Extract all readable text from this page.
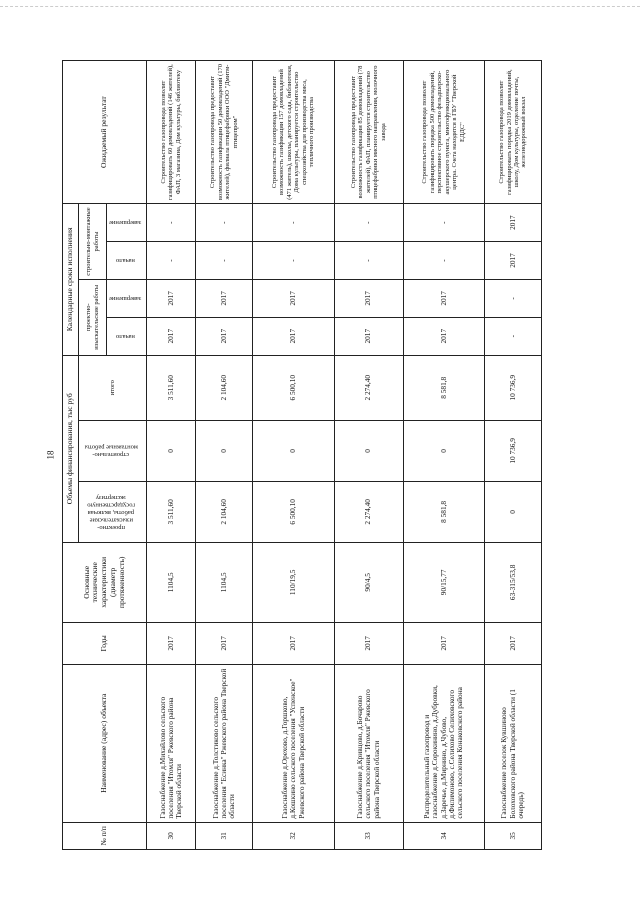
18
№ п/п	Наименование (адрес) объекта	Годы	Основные технические характеристики (диаметр протяженность)	Объемы финансирования, тыс руб			Календарные сроки исполнения				Ожидаемый результат
				проектно-изыскательские работы, включая государственную экспертизу	строительно-монтажные работы	итого	проектно-изыскательские работы		строительно-монтажные работы		
							начало	завершение	начало	завершение	
30	Газоснабжение д.Михайлово сельского поселения "Итомля" Ржевского района Тверской области	2017	1104,5	3 511,60	0	3 511,60	2017	2017	-	-	Строительство газопровода позволит газифицировать 60 домовладений (146 жителей), ФАП, 3 магазина, Дом культуры, библиотеку
31	Газоснабжение д.Толстиково сельского поселения "Есинка" Ржевского района Тверской области	2017	1104,5	2 104,60	0	2 104,60	2017	2017	-	-	Строительство газопровода предоставит возможность газификации 50 домовладений (170 жителей), филиала птицефабрики ООО "Дмитм-птицепром"
32	Газоснабжение д.Орехово, д.Горшково, д.Кошкино сельского поселения "Успенское" Ржевского района Тверской области	2017	110/19,5	6 500,10	0	6 500,10	2017	2017	-	-	Строительство газопровода предоставит возможность газификации 157 домовладений (471 житель), школы, детского сада, библиотеки, Дома культуры, планируется строительство спецхозяйства для производства мяса, тепличного производства
33	Газоснабжение д.Кривцово, д.Бочарово сельского поселения "Итомля" Ржевского района Тверской области	2017	90/4,5	2 274,40	0	2 274,40	2017	2017	-	-	Строительство газопровода предоставит возможность газификации 85 домовладений (78 жителей), ФАП, планируется строительство птицефабрики мясного направления, молочного завода
34	Распределительный газопровод и газоснабжение д.Сорокинино, д.Дубровки, д.Заречье, д.Мирнино, д.Чубово, д.Филимоново, с.Селихово Селиховского сельского поселения Конаковского района	2017	90/15,77	8 581,8	0	8 581,8	2017	2017	-	-	Строительство газопровода позволит газифицировать порядка 500 домовладений, перспективное строительство фельдшерско-акушерского пункта, многофункционального центра. Счета находятся в ГБУ "Тверской ЕДДС"
35	Газоснабжение поселок Кувшиново Болоховского района Тверской области (1 очередь)	2017	63-315/53,8	0	10 736,9	10 736,9	-	-	2017	2017	Строительство газопровода позволит газифицировать порядка 2019 домовладений, школу, Дом культуры, отделение почты, железнодорожный вокзал
